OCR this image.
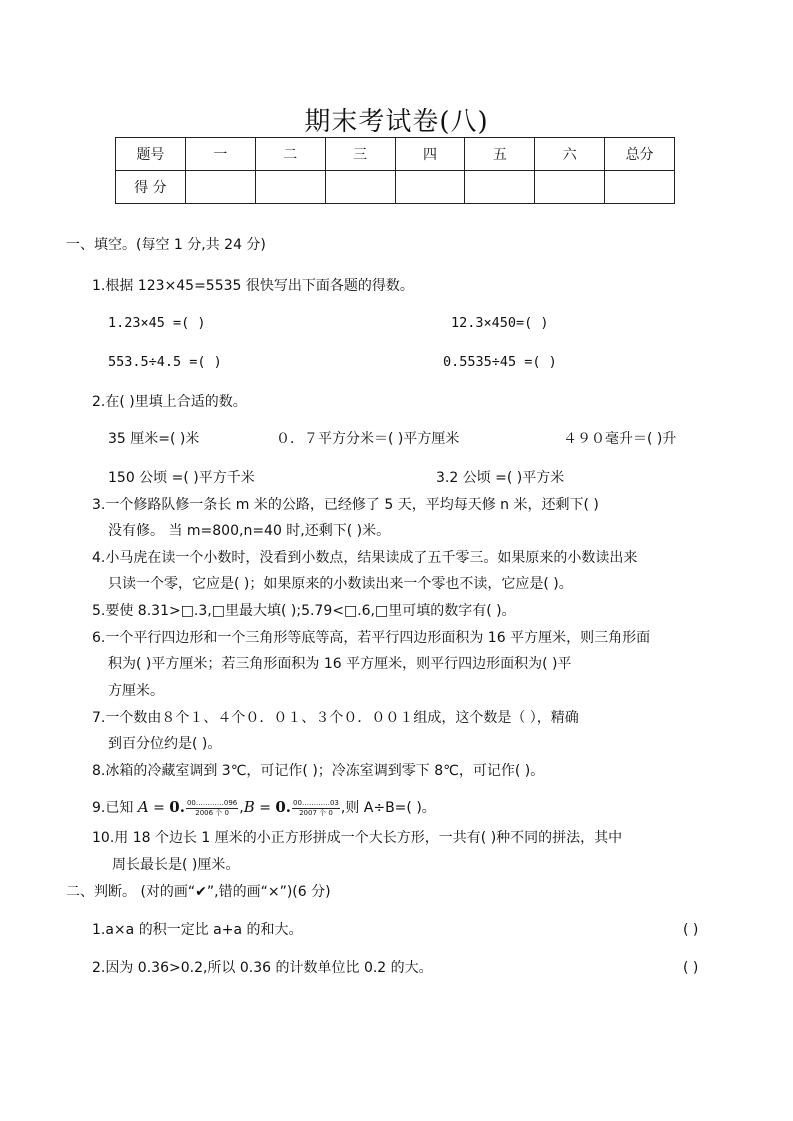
期末考试卷(八)
题号	一	二	三	四	五	六	总分
得 分							
一、填空。(每空 1 分,共 24 分)
1.根据 123×45=5535 很快写出下面各题的得数。
1.23×45 =( )	12.3×450=( )
553.5÷4.5 =( )	0.5535÷45 =( )
2.在( )里填上合适的数。
35 厘米=( )米	０．７平方分米＝( )平方厘米	４９０毫升＝( )升
150 公顷 =( )平方千米	3.2 公顷 =( )平方米
3.一个修路队修一条长 m 米的公路，已经修了 5 天，平均每天修 n 米，还剩下( )
没有修。 当 m=800,n=40 时,还剩下( )米。
4.小马虎在读一个小数时，没看到小数点，结果读成了五千零三。如果原来的小数读出来
只读一个零，它应是( )；如果原来的小数读出来一个零也不读，它应是( )。
5.要使 8.31>□.3,□里最大填( );5.79<□.6,□里可填的数字有( )。
6.一个平行四边形和一个三角形等底等高，若平行四边形面积为 16 平方厘米，则三角形面
积为( )平方厘米；若三角形面积为 16 平方厘米，则平行四边形面积为( )平
方厘米。
7.一个数由８个１、４个０．０１、３个０．００１组成，这个数是（ ），精确
到百分位约是( )。
8.冰箱的冷藏室调到 3℃，可记作( )；冷冻室调到零下 8℃，可记作( )。
9.已知 A = 0. $\frac{00\dots\dots\dots\dots 096}{\text{2006 个 0}} ,B = 0$. $\frac{00\dots\dots\dots\dots 03}{\text{2007 个 0}}$ ,则 A÷B=( )。
10.用 18 个边长 1 厘米的小正方形拼成一个大长方形，一共有( )种不同的拼法，其中
周长最长是( )厘米。
二、判断。 (对的画“✔”,错的画“×”)(6 分)
1.a×a 的积一定比 a+a 的和大。	( )
2.因为 0.36>0.2,所以 0.36 的计数单位比 0.2 的大。	( )
